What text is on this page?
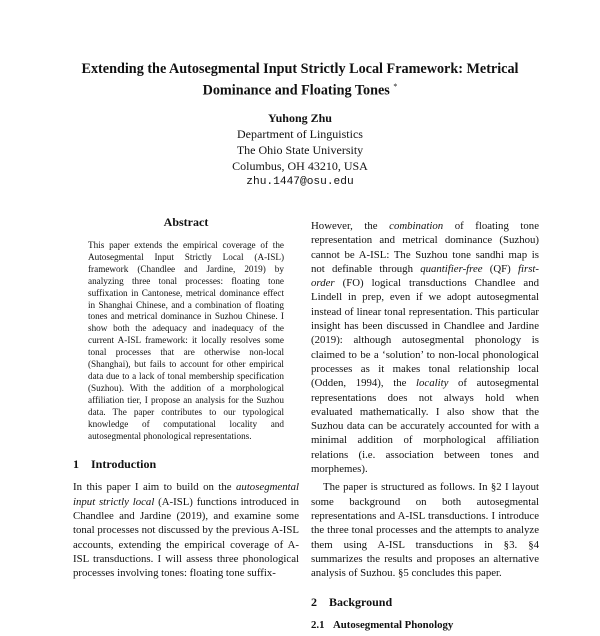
Extending the Autosegmental Input Strictly Local Framework: Metrical
Dominance and Floating Tones *
Yuhong Zhu
Department of Linguistics
The Ohio State University
Columbus, OH 43210, USA
zhu.1447@osu.edu
Abstract

This paper extends the empirical coverage of the Autosegmental Input Strictly Local (A-ISL) framework (Chandlee and Jardine, 2019) by analyzing three tonal processes: floating tone suffixation in Cantonese, metrical dominance effect in Shanghai Chinese, and a combination of floating tones and metrical dominance in Suzhou Chinese. I show both the adequacy and inadequacy of the current A-ISL framework: it locally resolves some tonal processes that are otherwise non-local (Shanghai), but fails to account for other empirical data due to a lack of tonal membership specification (Suzhou). With the addition of a morphological affiliation tier, I propose an analysis for the Suzhou data. The paper contributes to our typological knowledge of computational locality and autosegmental phonological representations.

1 Introduction

In this paper I aim to build on the autosegmental input strictly local (A-ISL) functions introduced in Chandlee and Jardine (2019), and examine some tonal processes not discussed by the previous A-ISL accounts, extending the empirical coverage of A-ISL transductions. I will assess three phonological processes involving tones: floating tone suffix-

However, the combination of floating tone representation and metrical dominance (Suzhou) cannot be A-ISL: The Suzhou tone sandhi map is not definable through quantifier-free (QF) first-order (FO) logical transductions Chandlee and Lindell in prep, even if we adopt autosegmental instead of linear tonal representation. This particular insight has been discussed in Chandlee and Jardine (2019): although autosegmental phonology is claimed to be a ‘solution’ to non-local phonological processes as it makes tonal relationship local (Odden, 1994), the locality of autosegmental representations does not always hold when evaluated mathematically. I also show that the Suzhou data can be accurately accounted for with a minimal addition of morphological affiliation relations (i.e. association between tones and morphemes).

The paper is structured as follows. In §2 I layout some background on both autosegmental representations and A-ISL transductions. I introduce the three tonal processes and the attempts to analyze them using A-ISL transductions in §3. §4 summarizes the results and proposes an alternative analysis of Suzhou. §5 concludes this paper.

2 Background
2.1 Autosegmental Phonology
